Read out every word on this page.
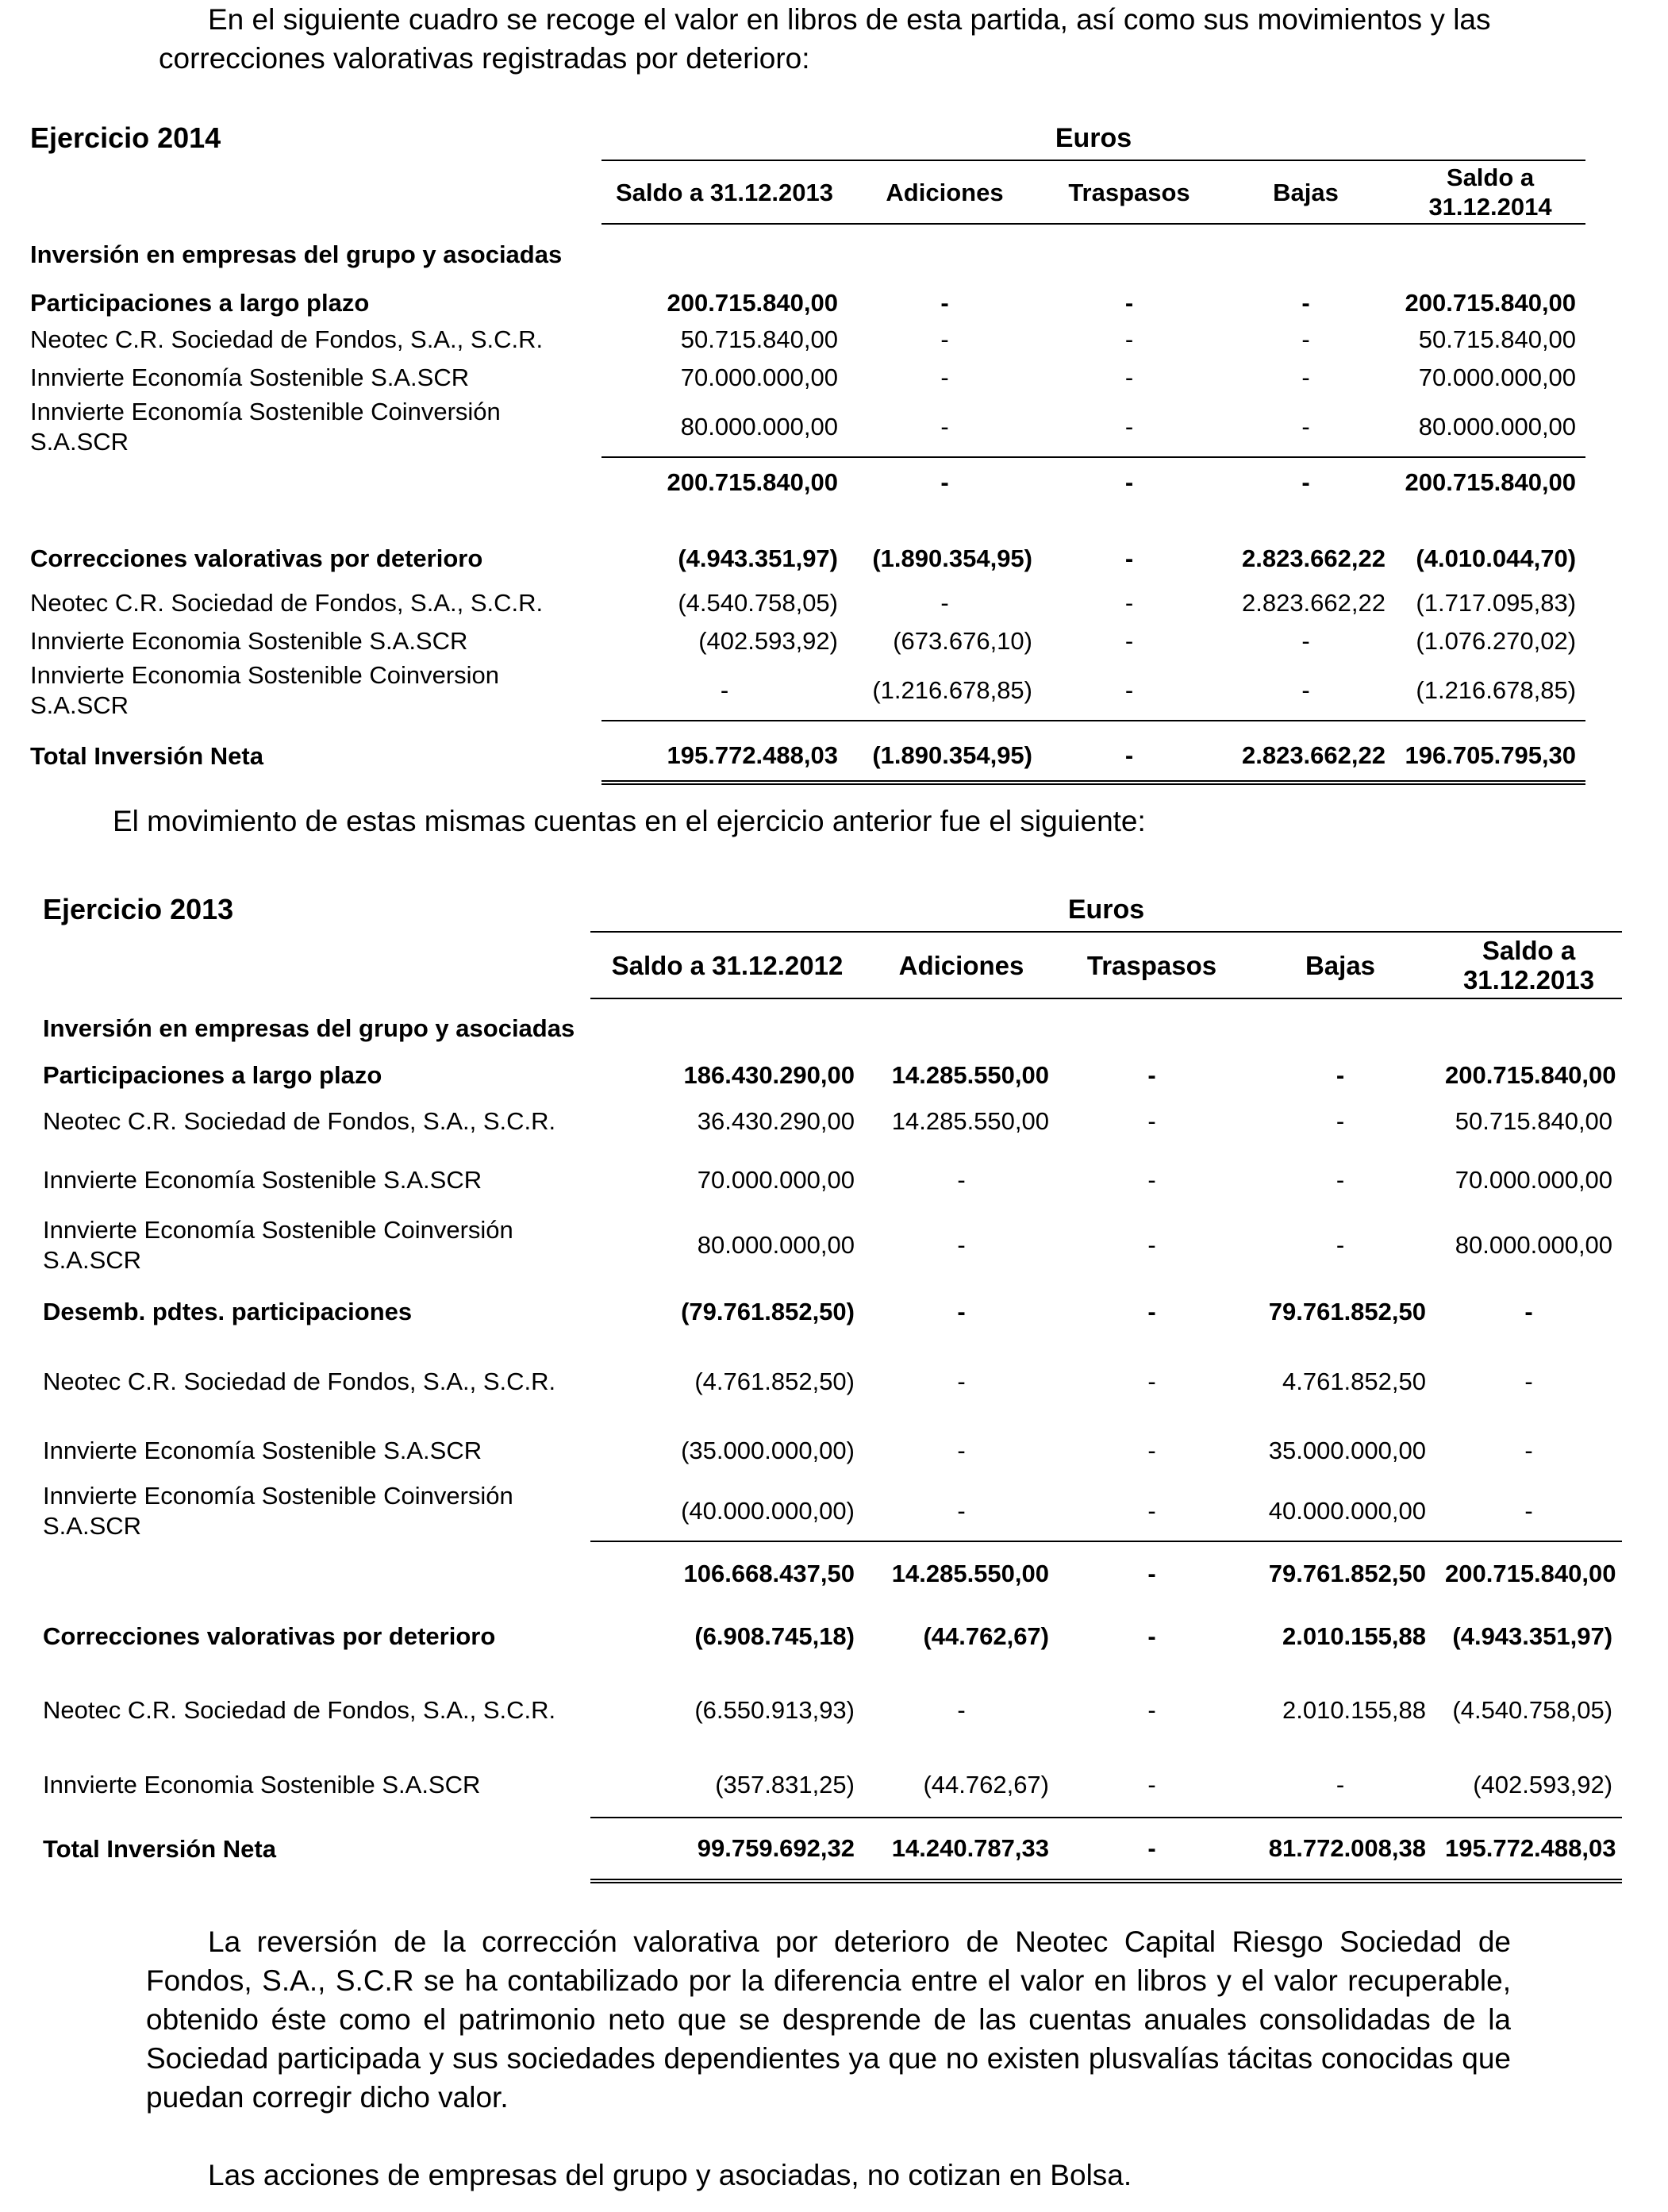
En el siguiente cuadro se recoge el valor en libros de esta partida, así como sus movimientos y las correcciones valorativas registradas por deterioro:

Ejercicio 2014	Euros				
	Saldo a 31.12.2013	Adiciones	Traspasos	Bajas	Saldo a 31.12.2014
Inversión en empresas del grupo y asociadas					
Participaciones a largo plazo	200.715.840,00	-	-	-	200.715.840,00
Neotec C.R. Sociedad de Fondos, S.A., S.C.R.	50.715.840,00	-	-	-	50.715.840,00
Innvierte Economía Sostenible S.A.SCR	70.000.000,00	-	-	-	70.000.000,00
Innvierte Economía Sostenible Coinversión S.A.SCR	80.000.000,00	-	-	-	80.000.000,00
	200.715.840,00	-	-	-	200.715.840,00
Correcciones valorativas por deterioro	(4.943.351,97)	(1.890.354,95)	-	2.823.662,22	(4.010.044,70)
Neotec C.R. Sociedad de Fondos, S.A., S.C.R.	(4.540.758,05)	-	-	2.823.662,22	(1.717.095,83)
Innvierte Economia Sostenible S.A.SCR	(402.593,92)	(673.676,10)	-	-	(1.076.270,02)
Innvierte Economia Sostenible Coinversion S.A.SCR	-	(1.216.678,85)	-	-	(1.216.678,85)
Total Inversión Neta	195.772.488,03	(1.890.354,95)	-	2.823.662,22	196.705.795,30

El movimiento de estas mismas cuentas en el ejercicio anterior fue el siguiente:

Ejercicio 2013	Euros				
	Saldo a 31.12.2012	Adiciones	Traspasos	Bajas	Saldo a 31.12.2013
Inversión en empresas del grupo y asociadas					
Participaciones a largo plazo	186.430.290,00	14.285.550,00	-	-	200.715.840,00
Neotec C.R. Sociedad de Fondos, S.A., S.C.R.	36.430.290,00	14.285.550,00	-	-	50.715.840,00
Innvierte Economía Sostenible S.A.SCR	70.000.000,00	-	-	-	70.000.000,00
Innvierte Economía Sostenible Coinversión S.A.SCR	80.000.000,00	-	-	-	80.000.000,00
Desemb. pdtes. participaciones	(79.761.852,50)	-	-	79.761.852,50	-
Neotec C.R. Sociedad de Fondos, S.A., S.C.R.	(4.761.852,50)	-	-	4.761.852,50	-
Innvierte Economía Sostenible S.A.SCR	(35.000.000,00)	-	-	35.000.000,00	-
Innvierte Economía Sostenible Coinversión S.A.SCR	(40.000.000,00)	-	-	40.000.000,00	-
	106.668.437,50	14.285.550,00	-	79.761.852,50	200.715.840,00
Correcciones valorativas por deterioro	(6.908.745,18)	(44.762,67)	-	2.010.155,88	(4.943.351,97)
Neotec C.R. Sociedad de Fondos, S.A., S.C.R.	(6.550.913,93)	-	-	2.010.155,88	(4.540.758,05)
Innvierte Economia Sostenible S.A.SCR	(357.831,25)	(44.762,67)	-	-	(402.593,92)
Total Inversión Neta	99.759.692,32	14.240.787,33	-	81.772.008,38	195.772.488,03

La reversión de la corrección valorativa por deterioro de Neotec Capital Riesgo Sociedad de Fondos, S.A., S.C.R se ha contabilizado por la diferencia entre el valor en libros y el valor recuperable, obtenido éste como el patrimonio neto que se desprende de las cuentas anuales consolidadas de la Sociedad participada y sus sociedades dependientes ya que no existen plusvalías tácitas conocidas que puedan corregir dicho valor.

Las acciones de empresas del grupo y asociadas, no cotizan en Bolsa.
